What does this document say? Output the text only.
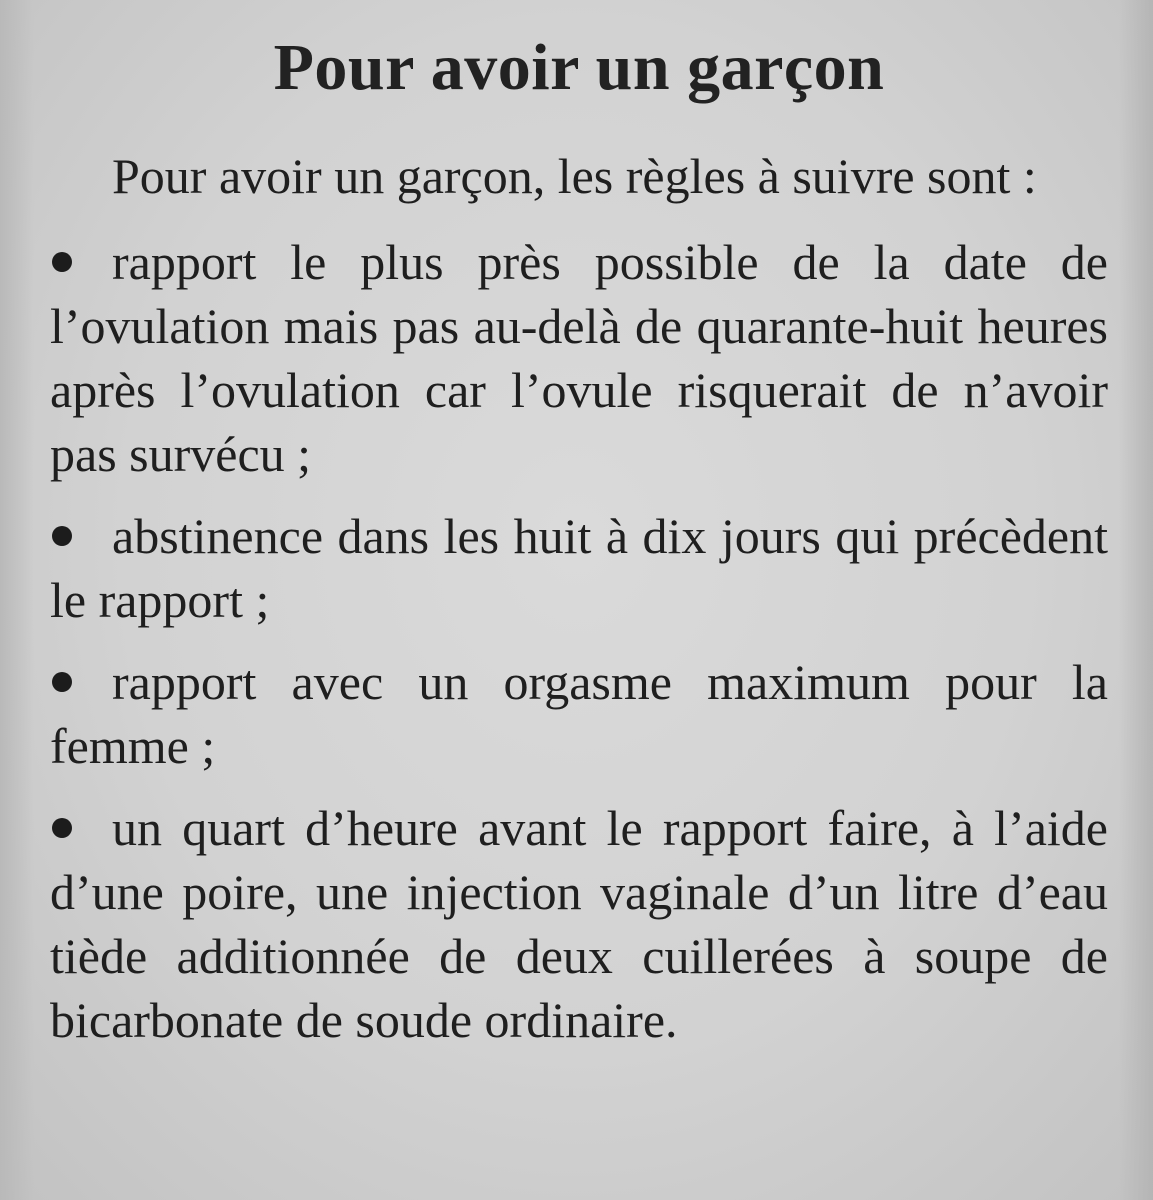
Pour avoir un garçon

Pour avoir un garçon, les règles à suivre sont :

rapport le plus près possible de la date de l’ovulation mais pas au-delà de quarante-huit heures après l’ovulation car l’ovule risquerait de n’avoir pas survécu ;
abstinence dans les huit à dix jours qui précèdent le rapport ;
rapport avec un orgasme maximum pour la femme ;
un quart d’heure avant le rapport faire, à l’aide d’une poire, une injection vaginale d’un litre d’eau tiède additionnée de deux cuillerées à soupe de bicarbonate de soude ordinaire.
